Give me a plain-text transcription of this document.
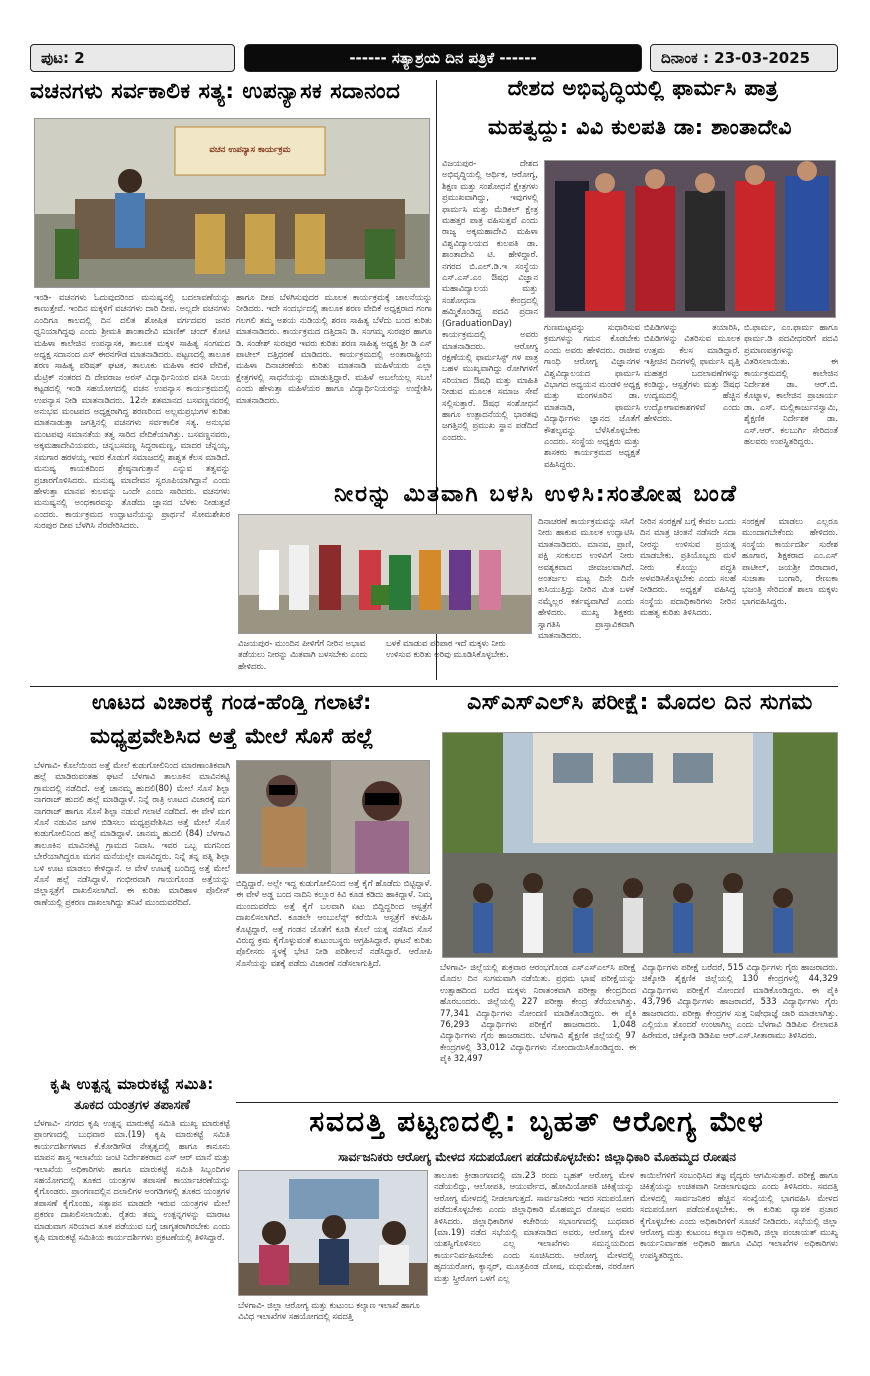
ಪುಟ: 2	------ ಸತ್ಯಾಶ್ರಯ ದಿನ ಪತ್ರಿಕೆ ------	ದಿನಾಂಕ : 23-03-2025
ವಚನಗಳು ಸರ್ವಕಾಲಿಕ ಸತ್ಯ: ಉಪನ್ಯಾಸಕ ಸದಾನಂದ
ವಚನ ಉಪನ್ಯಾಸ ಕಾರ್ಯಕ್ರಮ
ಇಂಡಿ- ವಚನಗಳು ಓದುವುದರಿಂದ ಮನುಷ್ಯನಲ್ಲಿ ಬದಲಾವಣೆಯನ್ನು ಕಾಣುತ್ತೇವೆ. ಇಂದಿನ ಮಕ್ಕಳಿಗೆ ವಚನಗಳು ದಾರಿ ದೀಪ. ಅಲ್ಲದೇ ವಚನಗಳು ಎಂದಿಗೂ ಕಾಲದಲ್ಲಿ ದಿನ ದಲಿತ ಶೋಷಿತ ವರ್ಗದವರ ಜನರ ಧ್ವನಿಯಾಗಿದ್ದವು ಎಂದು ಶ್ರೀಮತಿ ಶಾಂತಾದೇವಿ ಮಾಣಿಕ್ ಚಂದ್ ಕೋಟಿ ಮಹಿಳಾ ಕಾಲೇಜಿನ ಉಪನ್ಯಾಸಕ, ತಾಲೂಕ ಮಕ್ಕಳ ಸಾಹಿತ್ಯ ಸಂಗಮದ ಅಧ್ಯಕ್ಷ ಸದಾನಂದ ಎಸ್ ಈರನಗೌಡ ಮಾತನಾಡಿದರು. ಪಟ್ಟಣದಲ್ಲಿ ತಾಲೂಕ ಶರಣ ಸಾಹಿತ್ಯ ಪರಿಷತ್ ಘಟಕ, ತಾಲೂಕು ಮಹಿಳಾ ಕದಳಿ ವೇದಿಕೆ, ಮೆಟ್ರಿಕ್ ನಂತರದ ದಿ ದೇವರಾಜ ಅರಸ್ ವಿದ್ಯಾರ್ಥಿನಿಯರ ವಸತಿ ನಿಲಯ ಕಟ್ಟಡದಲ್ಲಿ ಇಂಡಿ ಸಹಯೋಗದಲ್ಲಿ ವಚನ ಉಪನ್ಯಾಸ ಕಾರ್ಯಕ್ರಮದಲ್ಲಿ ಉಪನ್ಯಾಸ ನೀಡಿ ಮಾತನಾಡಿದರು. 12ನೇ ಶತಮಾನದ ಬಸವಣ್ಣನವರಲ್ಲಿ ಅನುಭವ ಮಂಟಪದ ಅಧ್ಯಕ್ಷರಾಗಿದ್ದ ಶರಣರಿಂದ ಅಲ್ಲಮಪ್ರಭುಗಳ ಕುರಿತು ಮಾತನಾಡುತ್ತಾ ಜಗತ್ತಿನಲ್ಲಿ ವಚನಗಳು ಸರ್ವಕಾಲಿಕ ಸತ್ಯ. ಅನುಭವ ಮಂಟಪವು ಸಮಾನತೆಯ ತತ್ವ ಸಾರಿದ ವೇದಿಕೆಯಾಗಿತ್ತು. ಬಸವಣ್ಣನವರು, ಅಕ್ಕಮಹಾದೇವಿಯವರು, ಚನ್ನಬಸವಣ್ಣ ಸಿದ್ಧರಾಮಣ್ಣ, ಮಾದರ ಚೆನ್ನಯ್ಯ, ಸಮಗಾರ ಹರಳಯ್ಯ ಇವರ ಕೊಡುಗೆ ಸಮಾಜದಲ್ಲಿ ಶಾಶ್ವತ ಕೆಲಸ ಮಾಡಿದೆ. ಮನುಷ್ಯ ಕಾಯಕದಿಂದ ಶ್ರೇಷ್ಠನಾಗುತ್ತಾನೆ ಎನ್ನುವ ತತ್ವವನ್ನು ಪ್ರಚಾರಗೊಳಿಸಿದರು. ಮನುಷ್ಯ ಮಾದೇವನ ಸ್ವರೂಪಿಯಾಗಿದ್ದಾನೆ ಎಂದು ಹೇಳುತ್ತಾ ಮಾನವ ಕುಲವನ್ನು ಒಂದೇ ಎಂದು ಸಾರಿದರು. ವಚನಗಳು ಮನುಷ್ಯನಲ್ಲಿ ಅಂಧಕಾರವನ್ನು ತೊಡೆದು ಜ್ಞಾನದ ಬೆಳಕು ನೀಡುತ್ತವೆ ಎಂದರು. ಕಾರ್ಯಕ್ರಮದ ಉದ್ಘಾಟನೆಯನ್ನು ಪ್ರಾರ್ಥನೆ ಸೋಮಶೇಖರ ಸುರಪುರ ದೀಪ ಬೆಳಗಿಸಿ ನೆರವೇರಿಸಿದರು.
ಹಾಗೂ ದೀಪ ಬೆಳಗಿಸುವುದರ ಮೂಲಕ ಕಾರ್ಯಕ್ರಮಕ್ಕೆ ಚಾಲನೆಯನ್ನು ನೀಡಿದರು. ಇದೇ ಸಂದರ್ಭದಲ್ಲಿ ತಾಲೂಕ ಶರಣ ವೇದಿಕೆ ಅಧ್ಯಕ್ಷರಾದ ಗಂಗಾ ಗಲಗಲಿ ತಮ್ಮ ಅಶಯ ನುಡಿಯಲ್ಲಿ ಶರಣ ಸಾಹಿತ್ಯ ಬೆಳೆದು ಬಂದ ಕುರಿತು ಮಾತನಾಡಿದರು. ಕಾರ್ಯಕ್ರಮದ ದತ್ತಿದಾನಿ ಡಿ. ಸಂಗಮ್ಮ ಸುರಪುರ ಹಾಗೂ ಡಿ. ಸಂಡೇಶ್ ಸುರಪುರ ಇವರು ಕುರಿತು ಶರಣ ಸಾಹಿತ್ಯ ಅಧ್ಯಕ್ಷ ಶ್ರೀ ಡಿ ಎಸ್ ಪಾಟೀಲ್ ದತ್ತಿಧರಣೆ ಮಾಡಿದರು. ಕಾರ್ಯಕ್ರಮದಲ್ಲಿ ಅಂತಾರಾಷ್ಟ್ರೀಯ ಮಹಿಳಾ ದಿನಾಚರಣೆಯ ಕುರಿತು ಮಾತನಾಡಿ ಮಹಿಳೆಯರು ಎಲ್ಲಾ ಕ್ಷೇತ್ರಗಳಲ್ಲಿ ಸಾಧನೆಯನ್ನು ಮಾಡುತ್ತಿದ್ದಾರೆ. ಮಹಿಳೆ ಅಬಲೆಯಲ್ಲ ಸಬಲೆ ಎಂದು ಹೇಳುತ್ತಾ ಮಹಿಳೆಯರ ಹಾಗೂ ವಿದ್ಯಾರ್ಥಿನಿಯರನ್ನು ಉದ್ದೇಶಿಸಿ ಮಾತನಾಡಿದರು.
ದೇಶದ ಅಭಿವೃದ್ಧಿಯಲ್ಲಿ ಫಾರ್ಮಸಿ ಪಾತ್ರ
ಮಹತ್ವದ್ದು: ವಿವಿ ಕುಲಪತಿ ಡಾ: ಶಾಂತಾದೇವಿ
ವಿಜಯಪುರ- ದೇಶದ ಅಭಿವೃದ್ಧಿಯಲ್ಲಿ ಆರ್ಥಿಕ, ಆರೋಗ್ಯ, ಶಿಕ್ಷಣ ಮತ್ತು ಸಂಶೋಧನೆ ಕ್ಷೇತ್ರಗಳು ಪ್ರಮುಖವಾಗಿದ್ದು, ಇವುಗಳಲ್ಲಿ ಫಾರ್ಮಸಿ ಮತ್ತು ಮೆಡಿಕಲ್ ಕ್ಷೇತ್ರ ಮಹತ್ತರ ಪಾತ್ರ ವಹಿಸುತ್ತವೆ ಎಂದು ರಾಜ್ಯ ಅಕ್ಕಮಹಾದೇವಿ ಮಹಿಳಾ ವಿಶ್ವವಿದ್ಯಾಲಯದ ಕುಲಪತಿ ಡಾ. ಶಾಂತಾದೇವಿ ಟಿ. ಹೇಳಿದ್ದಾರೆ. ನಗರದ ಬಿ.ಎಲ್.ಡಿ.ಇ ಸಂಸ್ಥೆಯ ಎಸ್.ಎಸ್.ಎಂ ಔಷಧ ವಿಜ್ಞಾನ ಮಹಾವಿದ್ಯಾಲಯ ಮತ್ತು ಸಂಶೋಧನಾ ಕೇಂದ್ರದಲ್ಲಿ ಹಮ್ಮಿಕೊಂಡಿದ್ದ ಪದವಿ ಪ್ರದಾನ (GraduationDay) ಕಾರ್ಯಕ್ರಮದಲ್ಲಿ ಅವರು ಮಾತನಾಡಿದರು. ಆರೋಗ್ಯ ರಕ್ಷಣೆಯಲ್ಲಿ ಫಾರ್ಮಸಿಸ್ಟ್ ಗಳ ಪಾತ್ರ ಬಹಳ ಮುಖ್ಯವಾಗಿದ್ದು ರೋಗಿಗಳಿಗೆ ಸರಿಯಾದ ಔಷಧಿ ಮತ್ತು ಮಾಹಿತಿ ನೀಡುವ ಮೂಲಕ ಸಮಾಜ ಸೇವೆ ಸಲ್ಲಿಸುತ್ತಾರೆ. ಔಷಧ ಸಂಶೋಧನೆ ಹಾಗೂ ಉತ್ಪಾದನೆಯಲ್ಲಿ ಭಾರತವು ಜಗತ್ತಿನಲ್ಲಿ ಪ್ರಮುಖ ಸ್ಥಾನ ಪಡೆದಿದೆ ಎಂದರು.
ಗುಣಮಟ್ಟವನ್ನು ಸುಧಾರಿಸುವ ಕ್ರಮಗಳನ್ನು ಗಮನ ಕೊಡಬೇಕು ಎಂದು ಅವರು ಹೇಳಿದರು. ರಾಜೀವ ಗಾಂಧಿ ಆರೋಗ್ಯ ವಿಜ್ಞಾನಗಳ ವಿಶ್ವವಿದ್ಯಾಲಯದ ಫಾರ್ಮಸಿ ವಿಭಾಗದ ಅಧ್ಯಯನ ಮಂಡಳಿ ಅಧ್ಯಕ್ಷ ಮತ್ತು ಮಂಗಳೂರಿನ ಡಾ. ಮಾತನಾಡಿ, ಫಾರ್ಮಸಿ ವಿದ್ಯಾರ್ಥಿಗಳು ಜ್ಞಾನದ ಜೊತೆಗೆ ಕೌಶಲ್ಯವನ್ನು ಬೆಳೆಸಿಕೊಳ್ಳಬೇಕು ಎಂದರು. ಸಂಸ್ಥೆಯ ಅಧ್ಯಕ್ಷರು ಮತ್ತು ಶಾಸಕರು ಕಾರ್ಯಕ್ರಮದ ಅಧ್ಯಕ್ಷತೆ ವಹಿಸಿದ್ದರು.
ಬಿಪಿಡಿಗಳನ್ನು ತಯಾರಿಸಿ, ಬಿಪಿಡಿಗಳನ್ನು ವಿತರಿಸುವ ಮೂಲಕ ಉತ್ತಮ ಕೆಲಸ ಮಾಡಿದ್ದಾರೆ. ಇತ್ತೀಚಿನ ದಿನಗಳಲ್ಲಿ ಫಾರ್ಮಸಿ ವೃತ್ತಿ ಮಹತ್ತರ ಬದಲಾವಣೆಗಳನ್ನು ಕಂಡಿದ್ದು, ಆಸ್ಪತ್ರೆಗಳು ಮತ್ತು ಔಷಧ ಉದ್ಯಮದಲ್ಲಿ ಹೆಚ್ಚಿನ ಉದ್ಯೋಗಾವಕಾಶಗಳಿವೆ ಎಂದು ಹೇಳಿದರು.
ಬಿ.ಫಾರ್ಮ, ಎಂ.ಫಾರ್ಮ ಹಾಗೂ ಫಾರ್ಮ.ಡಿ ಪದವೀಧರರಿಗೆ ಪದವಿ ಪ್ರಮಾಣಪತ್ರಗಳನ್ನು ವಿತರಿಸಲಾಯಿತು. ಈ ಕಾರ್ಯಕ್ರಮದಲ್ಲಿ ಕಾಲೇಜಿನ ನಿರ್ದೇಶಕ ಡಾ. ಆರ್.ಬಿ. ಕೊಟ್ನಾಳ, ಕಾಲೇಜಿನ ಪ್ರಾಚಾರ್ಯ ಡಾ. ಎಸ್. ಮಲ್ಲಿಕಾರ್ಜುನಸ್ವಾಮಿ, ಶೈಕ್ಷಣಿಕ ನಿರ್ದೇಶಕ ಡಾ. ಎಸ್.ಆರ್. ಕಲಬುರ್ಗಿ ಸೇರಿದಂತೆ ಹಲವರು ಉಪಸ್ಥಿತರಿದ್ದರು.
ನೀರನ್ನು ಮಿತವಾಗಿ ಬಳಸಿ ಉಳಿಸಿ:ಸಂತೋಷ ಬಂಡೆ
ವಿಜಯಪುರ- ಮುಂದಿನ ಪೀಳಿಗೆಗೆ ನೀರಿನ ಅಭಾವ ತಡೆಯಲು ನೀರನ್ನು ಮಿತವಾಗಿ ಬಳಸಬೇಕು ಎಂದು ಹೇಳಿದರು.
ಬಳಕೆ ಮಾಡುವ ಪರಿಪಾಠ ಇದೆ ಮಕ್ಕಳು ನೀರು ಉಳಿಸುವ ಕುರಿತು ಅರಿವು ಮೂಡಿಸಿಕೊಳ್ಳಬೇಕು.
ದಿನಾಚರಣೆ ಕಾರ್ಯಕ್ರಮವನ್ನು ಸಸಿಗೆ ನೀರು ಹಾಕುವ ಮೂಲಕ ಉದ್ಘಾಟಿಸಿ ಮಾತನಾಡಿದರು. ಮಾನವ, ಪ್ರಾಣಿ, ಪಕ್ಷಿ ಸಂಕುಲದ ಉಳಿವಿಗೆ ನೀರು ಅವಶ್ಯಕವಾದ ಜೀವಜಲವಾಗಿದೆ. ಅಂತರ್ಜಲ ಮಟ್ಟ ದಿನೇ ದಿನೇ ಕುಸಿಯುತ್ತಿದ್ದು ನೀರಿನ ಮಿತ ಬಳಕೆ ನಮ್ಮೆಲ್ಲರ ಕರ್ತವ್ಯವಾಗಿದೆ ಎಂದು ಹೇಳಿದರು. ಮುಖ್ಯ ಶಿಕ್ಷಕರು ಸ್ವಾಗತಿಸಿ ಪ್ರಾಸ್ತಾವಿಕವಾಗಿ ಮಾತನಾಡಿದರು.
ನೀರಿನ ಸಂರಕ್ಷಣೆ ಬಗ್ಗೆ ಕೇವಲ ಒಂದು ದಿನ ಮಾತ್ರ ಚಿಂತನೆ ನಡೆಸದೇ ಸದಾ ನೀರನ್ನು ಉಳಿಸುವ ಪ್ರಯತ್ನ ಮಾಡಬೇಕು. ಪ್ರತಿಯೊಬ್ಬರು ಮಳೆ ನೀರು ಕೊಯ್ಲು ಪದ್ಧತಿ ಅಳವಡಿಸಿಕೊಳ್ಳಬೇಕು ಎಂದು ಸಲಹೆ ನೀಡಿದರು. ಅಧ್ಯಕ್ಷತೆ ವಹಿಸಿದ್ದ ಸಂಸ್ಥೆಯ ಪದಾಧಿಕಾರಿಗಳು ನೀರಿನ ಮಹತ್ವ ಕುರಿತು ತಿಳಿಸಿದರು.
ಸಂರಕ್ಷಣೆ ಮಾಡಲು ಎಲ್ಲರೂ ಮುಂದಾಗಬೇಕೆಂದು ಹೇಳಿದರು. ಸಂಸ್ಥೆಯ ಕಾರ್ಯದರ್ಶಿ ಸುರೇಶ ಹೂಗಾರ, ಶಿಕ್ಷಕರಾದ ಎಂ.ಎಸ್ ಪಾಟೀಲ್, ಜಯಶ್ರೀ ಬಿರಾದಾರ, ಸುಜಾತಾ ಬಂಗಾರಿ, ರೇಣುಕಾ ಭಜಂತ್ರಿ ಸೇರಿದಂತೆ ಶಾಲಾ ಮಕ್ಕಳು ಭಾಗವಹಿಸಿದ್ದರು.
ಊಟದ ವಿಚಾರಕ್ಕೆ ಗಂಡ-ಹೆಂಡ್ತಿ ಗಲಾಟೆ:
ಮಧ್ಯಪ್ರವೇಶಿಸಿದ ಅತ್ತೆ ಮೇಲೆ ಸೊಸೆ ಹಲ್ಲೆ
ಬೆಳಗಾವಿ- ಕೊಲೆಯಿಂದ ಅತ್ತೆ ಮೇಲೆ ಕುಡುಗೋಲಿನಿಂದ ಮಾರಣಾಂತಿಕವಾಗಿ ಹಲ್ಲೆ ಮಾಡಿರುವಂತಹ ಘಟನೆ ಬೆಳಗಾವಿ ತಾಲೂಕಿನ ಮಾವಿನಕಟ್ಟಿ ಗ್ರಾಮದಲ್ಲಿ ನಡೆದಿದೆ. ಅತ್ತೆ ಚಾನಮ್ಮ ಹುದಲಿ(80) ಮೇಲೆ ಸೊಸೆ ಶಿಲ್ಪಾ ನಾಗರಾಜ್ ಹುದಲಿ ಹಲ್ಲೆ ಮಾಡಿದ್ದಾಳೆ. ನಿನ್ನೆ ರಾತ್ರಿ ಊಟದ ವಿಚಾರಕ್ಕೆ ಮಗ ನಾಗರಾಜ್ ಹಾಗೂ ಸೊಸೆ ಶಿಲ್ಪಾ ನಡುವೆ ಗಲಾಟೆ ನಡೆದಿದೆ. ಈ ವೇಳೆ ಮಗ ಸೊಸೆ ನಡುವಿನ ಜಗಳ ಬಿಡಿಸಲು ಮಧ್ಯಪ್ರವೇಶಿಸಿದ ಅತ್ತೆ ಮೇಲೆ ಸೊಸೆ ಕುಡುಗೋಲಿನಿಂದ ಹಲ್ಲೆ ಮಾಡಿದ್ದಾಳೆ. ಚಾನಮ್ಮ ಹುದಲಿ (84) ಬೆಳಗಾವಿ ತಾಲೂಕಿನ ಮಾವಿನಕಟ್ಟಿ ಗ್ರಾಮದ ನಿವಾಸಿ. ಇವರ ಒಬ್ಬ ಮಗನಿಂದ ಬೇರೆಯಾಗಿದ್ದರೂ ಮಗನ ಮನೆಯಲ್ಲೇ ವಾಸವಿದ್ದರು. ನಿನ್ನೆ ತನ್ನ ಪತ್ನಿ ಶಿಲ್ಪಾ ಬಳಿ ಊಟ ಮಾಡಲು ಕೇಳಿದ್ದಾನೆ. ಆ ವೇಳೆ ಊಟಕ್ಕೆ ಬಂದಿದ್ದ ಅತ್ತೆ ಮೇಲೆ ಸೊಸೆ ಹಲ್ಲೆ ನಡೆಸಿದ್ದಾಳೆ. ಗಂಭೀರವಾಗಿ ಗಾಯಗೊಂಡ ಅತ್ತೆಯನ್ನು ಜಿಲ್ಲಾಸ್ಪತ್ರೆಗೆ ದಾಖಲಿಸಲಾಗಿದೆ. ಈ ಕುರಿತು ಮಾರಿಹಾಳ ಪೊಲೀಸ್ ಠಾಣೆಯಲ್ಲಿ ಪ್ರಕರಣ ದಾಖಲಾಗಿದ್ದು ತನಿಖೆ ಮುಂದುವರೆದಿದೆ.
ಬಿದ್ದಿದ್ದಾರೆ. ಅಲ್ಲೇ ಇದ್ದ ಕುಡುಗೋಲಿನಿಂದ ಅತ್ತೆ ಕೈಗೆ ಹೊಡೆದು ಬಿಟ್ಟಿದ್ದಾಳೆ. ಈ ವೇಳೆ ಅಡ್ಡ ಬಂದ ನಾದಿನಿ ಕಲ್ಲೂರ ಕಿವಿ ಕೂಡ ಕಡಿದು ಹಾಕಿದ್ದಾಳೆ. ನಿಮ್ಮ ಮುಂದುವರೆದು ಅತ್ತೆ ಕೈಗೆ ಬಲವಾಗಿ ಏಟು ಬಿದ್ದಿದ್ದರಿಂದ ಆಸ್ಪತ್ರೆಗೆ ದಾಖಲಿಸಲಾಗಿದೆ. ಕೂಡಲೇ ಆಂಬುಲೆನ್ಸ್ ಕರೆಯಿಸಿ ಆಸ್ಪತ್ರೆಗೆ ಕಳುಹಿಸಿ ಕೊಟ್ಟಿದ್ದಾರೆ. ಅತ್ತೆ ಗಂಡನ ಜೊತೆಗೆ ಕೂಡಿ ಕೊಲೆ ಯತ್ನ ನಡೆಸಿದ ಸೊಸೆ ವಿರುದ್ಧ ಕ್ರಮ ಕೈಗೊಳ್ಳುವಂತೆ ಕುಟುಂಬಸ್ಥರು ಆಗ್ರಹಿಸಿದ್ದಾರೆ. ಘಟನೆ ಕುರಿತು ಪೊಲೀಸರು ಸ್ಥಳಕ್ಕೆ ಭೇಟಿ ನೀಡಿ ಪರಿಶೀಲನೆ ನಡೆಸಿದ್ದಾರೆ. ಆರೋಪಿ ಸೊಸೆಯನ್ನು ವಶಕ್ಕೆ ಪಡೆದು ವಿಚಾರಣೆ ನಡೆಸಲಾಗುತ್ತಿದೆ.
ಎಸ್‌ಎಸ್‌ಎಲ್‌ಸಿ ಪರೀಕ್ಷೆ: ಮೊದಲ ದಿನ ಸುಗಮ
ಬೆಳಗಾವಿ- ಜಿಲ್ಲೆಯಲ್ಲಿ ಶುಕ್ರವಾರ ಆರಂಭಗೊಂಡ ಎಸ್‌ಎಸ್‌ಎಲ್‌ಸಿ ಪರೀಕ್ಷೆ ಮೊದಲ ದಿನ ಸುಗಮವಾಗಿ ನಡೆಯಿತು. ಪ್ರಥಮ ಭಾಷೆ ಪರೀಕ್ಷೆಯನ್ನು ಉತ್ಸಾಹದಿಂದ ಬರೆದ ಮಕ್ಕಳು ನಿರಾತಂಕವಾಗಿ ಪರೀಕ್ಷಾ ಕೇಂದ್ರದಿಂದ ಹೊರಬಂದರು. ಜಿಲ್ಲೆಯಲ್ಲಿ 227 ಪರೀಕ್ಷಾ ಕೇಂದ್ರ ತೆರೆಯಲಾಗಿತ್ತು. 77,341 ವಿದ್ಯಾರ್ಥಿಗಳು ನೋಂದಣಿ ಮಾಡಿಕೊಂಡಿದ್ದರು. ಈ ಪೈಕಿ 76,293 ವಿದ್ಯಾರ್ಥಿಗಳು ಪರೀಕ್ಷೆಗೆ ಹಾಜರಾದರು. 1,048 ವಿದ್ಯಾರ್ಥಿಗಳು ಗೈರು ಹಾಜರಾದರು. ಬೆಳಗಾವಿ ಶೈಕ್ಷಣಿಕ ಜಿಲ್ಲೆಯಲ್ಲಿ 97 ಕೇಂದ್ರಗಳಲ್ಲಿ 33,012 ವಿದ್ಯಾರ್ಥಿಗಳು ನೋಂದಾಯಿಸಿಕೊಂಡಿದ್ದರು. ಈ ಪೈಕಿ 32,497
ವಿದ್ಯಾರ್ಥಿಗಳು ಪರೀಕ್ಷೆ ಬರೆದರೆ, 515 ವಿದ್ಯಾರ್ಥಿಗಳು ಗೈರು ಹಾಜರಾದರು. ಚಿಕ್ಕೋಡಿ ಶೈಕ್ಷಣಿಕ ಜಿಲ್ಲೆಯಲ್ಲಿ 130 ಕೇಂದ್ರಗಳಲ್ಲಿ 44,329 ವಿದ್ಯಾರ್ಥಿಗಳು ಪರೀಕ್ಷೆಗೆ ನೋಂದಣಿ ಮಾಡಿಕೊಂಡಿದ್ದರು. ಈ ಪೈಕಿ 43,796 ವಿದ್ಯಾರ್ಥಿಗಳು ಹಾಜರಾದರೆ, 533 ವಿದ್ಯಾರ್ಥಿಗಳು ಗೈರು ಹಾಜರಾದರು. ಪರೀಕ್ಷಾ ಕೇಂದ್ರಗಳ ಸುತ್ತ ನಿಷೇಧಾಜ್ಞೆ ಜಾರಿ ಮಾಡಲಾಗಿತ್ತು. ಎಲ್ಲಿಯೂ ತೊಂದರೆ ಉಂಟಾಗಿಲ್ಲ ಎಂದು ಬೆಳಗಾವಿ ಡಿಡಿಪಿಐ ಲೀಲಾವತಿ ಹಿರೇಮಠ, ಚಿಕ್ಕೋಡಿ ಡಿಡಿಪಿಐ ಆರ್.ಎಸ್.ಸೀತಾರಾಮು ತಿಳಿಸಿದರು.
ಕೃಷಿ ಉತ್ಪನ್ನ ಮಾರುಕಟ್ಟೆ ಸಮಿತಿ:
ತೂಕದ ಯಂತ್ರಗಳ ತಪಾಸಣೆ
ಬೆಳಗಾವಿ- ನಗರದ ಕೃಷಿ ಉತ್ಪನ್ನ ಮಾರುಕಟ್ಟೆ ಸಮಿತಿ ಮುಖ್ಯ ಮಾರುಕಟ್ಟೆ ಪ್ರಾಂಗಣದಲ್ಲಿ ಬುಧವಾರ ಮಾ.(19) ಕೃಷಿ ಮಾರುಕಟ್ಟೆ ಸಮಿತಿ ಕಾರ್ಯದರ್ಶಿಗಳಾದ ಕೆ.ಕೋಡಿಗೌಡ ನೇತೃತ್ವದಲ್ಲಿ ಹಾಗೂ ಕಾನೂನು ಮಾಪನ ಶಾಸ್ತ್ರ ಇಲಾಖೆಯ ಜಂಟಿ ನಿರ್ದೇಶಕರಾದ ಎಸ್ ಆರ್ ಮಾನೆ ಮತ್ತು ಇಲಾಖೆಯ ಅಧಿಕಾರಿಗಳು ಹಾಗೂ ಮಾರುಕಟ್ಟೆ ಸಮಿತಿ ಸಿಬ್ಬಂದಿಗಳ ಸಹಯೋಗದಲ್ಲಿ ತೂಕದ ಯಂತ್ರಗಳ ತಪಾಸಣೆ ಕಾರ್ಯಾಚರಣೆಯನ್ನು ಕೈಗೊಂಡರು. ಪ್ರಾಂಗಣದಲ್ಲಿನ ದಲಾಲಿಗಳ ಅಂಗಡಿಗಳಲ್ಲಿ ತೂಕದ ಯಂತ್ರಗಳ ತಪಾಸಣೆ ಕೈಗೊಂಡು, ಸತ್ಯಾಪನ ಮಾಡದೇ ಇರುವ ಯಂತ್ರಗಳ ಮೇಲೆ ಪ್ರಕರಣ ದಾಖಲಿಸಲಾಯಿತು. ರೈತರು ತಮ್ಮ ಉತ್ಪನ್ನಗಳನ್ನು ಮಾರಾಟ ಮಾಡುವಾಗ ಸರಿಯಾದ ತೂಕ ಪಡೆಯುವ ಬಗ್ಗೆ ಜಾಗೃತರಾಗಿರಬೇಕು ಎಂದು ಕೃಷಿ ಮಾರುಕಟ್ಟೆ ಸಮಿತಿಯ ಕಾರ್ಯದರ್ಶಿಗಳು ಪ್ರಕಟಣೆಯಲ್ಲಿ ತಿಳಿಸಿದ್ದಾರೆ.
ಸವದತ್ತಿ ಪಟ್ಟಣದಲ್ಲಿ: ಬೃಹತ್ ಆರೋಗ್ಯ ಮೇಳ
ಸಾರ್ವಜನಿಕರು ಆರೋಗ್ಯ ಮೇಳದ ಸದುಪಯೋಗ ಪಡೆದುಕೊಳ್ಳಬೇಕು: ಜಿಲ್ಲಾಧಿಕಾರಿ ಮೊಹಮ್ಮದ ರೋಷನ
ಬೆಳಗಾವಿ- ಜಿಲ್ಲಾ ಆರೋಗ್ಯ ಮತ್ತು ಕುಟುಂಬ ಕಲ್ಯಾಣ ಇಲಾಖೆ ಹಾಗೂ ವಿವಿಧ ಇಲಾಖೆಗಳ ಸಹಯೋಗದಲ್ಲಿ ಸವದತ್ತಿ
ತಾಲೂಕು ಕ್ರೀಡಾಂಗಣದಲ್ಲಿ ಮಾ.23 ರಂದು ಬೃಹತ್ ಆರೋಗ್ಯ ಮೇಳ ನಡೆಯಲಿದ್ದು, ಆಲೋಪತಿ, ಆಯುರ್ವೇದ, ಹೋಮಿಯೋಪತಿ ಚಿಕಿತ್ಸೆಯನ್ನು ಆರೋಗ್ಯ ಮೇಳದಲ್ಲಿ ನೀಡಲಾಗುತ್ತದೆ. ಸಾರ್ವಜನಿಕರು ಇದರ ಸದುಪಯೋಗ ಪಡೆದುಕೊಳ್ಳಬೇಕು ಎಂದು ಜಿಲ್ಲಾಧಿಕಾರಿ ಮೊಹಮ್ಮದ ರೋಷನ ಅವರು ತಿಳಿಸಿದರು. ಜಿಲ್ಲಾಧಿಕಾರಿಗಳ ಕಚೇರಿಯ ಸಭಾಂಗಣದಲ್ಲಿ ಬುಧವಾರ (ಮಾ.19) ನಡೆದ ಸಭೆಯಲ್ಲಿ ಮಾತನಾಡಿದ ಅವರು, ಆರೋಗ್ಯ ಮೇಳ ಯಶಸ್ವಿಗೊಳಿಸಲು ಎಲ್ಲ ಇಲಾಖೆಗಳು ಸಮನ್ವಯದಿಂದ ಕಾರ್ಯನಿರ್ವಹಿಸಬೇಕು ಎಂದು ಸೂಚಿಸಿದರು. ಆರೋಗ್ಯ ಮೇಳದಲ್ಲಿ ಹೃದಯರೋಗ, ಕ್ಯಾನ್ಸರ್, ಮೂತ್ರಪಿಂಡ ದೋಷ, ಮಧುಮೇಹ, ನರರೋಗ ಮತ್ತು ಸ್ತ್ರೀರೋಗ ಒಳಗೆ ಎಲ್ಲ
ಕಾಯಿಲೆಗಳಿಗೆ ಸಂಬಂಧಿಸಿದ ತಜ್ಞ ವೈದ್ಯರು ಆಗಮಿಸುತ್ತಾರೆ. ಪರೀಕ್ಷೆ ಹಾಗೂ ಚಿಕಿತ್ಸೆಯನ್ನು ಉಚಿತವಾಗಿ ನೀಡಲಾಗುವುದು ಎಂದು ತಿಳಿಸಿದರು. ಸವದತ್ತಿ ಮೇಳದಲ್ಲಿ ಸಾರ್ವಜನಿಕರ ಹೆಚ್ಚಿನ ಸಂಖ್ಯೆಯಲ್ಲಿ ಭಾಗವಹಿಸಿ ಮೇಳದ ಸದುಪಯೋಗ ಪಡೆದುಕೊಳ್ಳಬೇಕು. ಈ ಕುರಿತು ವ್ಯಾಪಕ ಪ್ರಚಾರ ಕೈಗೊಳ್ಳಬೇಕು ಎಂದು ಅಧಿಕಾರಿಗಳಿಗೆ ಸೂಚನೆ ನೀಡಿದರು. ಸಭೆಯಲ್ಲಿ ಜಿಲ್ಲಾ ಆರೋಗ್ಯ ಮತ್ತು ಕುಟುಂಬ ಕಲ್ಯಾಣ ಅಧಿಕಾರಿ, ಜಿಲ್ಲಾ ಪಂಚಾಯತ್ ಮುಖ್ಯ ಕಾರ್ಯನಿರ್ವಾಹಕ ಅಧಿಕಾರಿ ಹಾಗೂ ವಿವಿಧ ಇಲಾಖೆಗಳ ಅಧಿಕಾರಿಗಳು ಉಪಸ್ಥಿತರಿದ್ದರು.
